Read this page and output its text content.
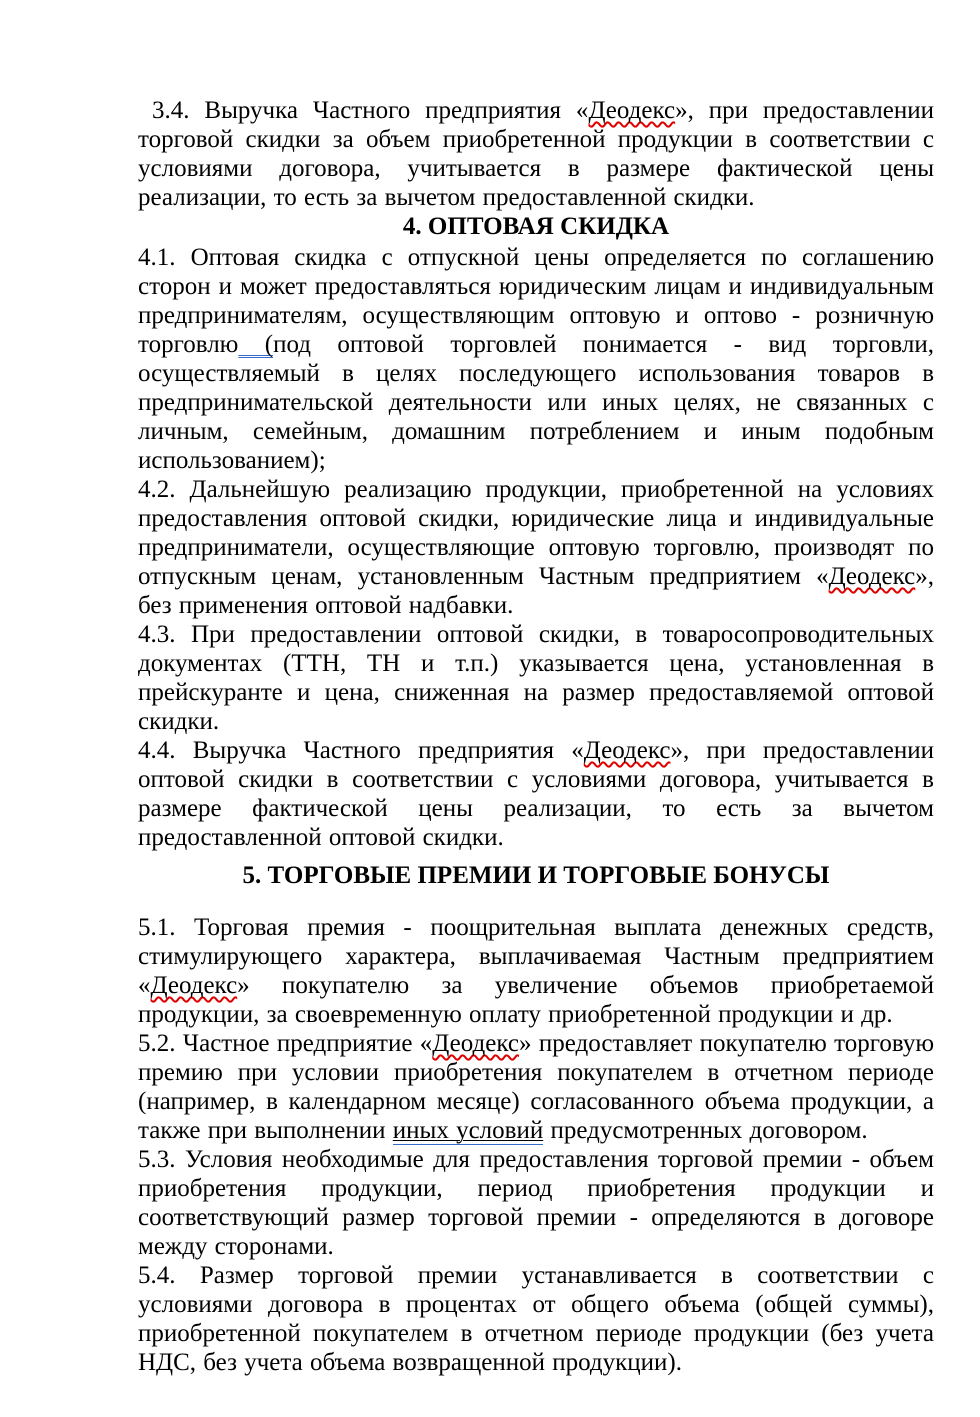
3.4. Выручка Частного предприятия «Деодекс», при предоставлении торговой скидки за объем приобретенной продукции в соответствии с условиями договора, учитывается в размере фактической цены реализации, то есть за вычетом предоставленной скидки.

4. ОПТОВАЯ СКИДКА

4.1. Оптовая скидка с отпускной цены определяется по соглашению сторон и может предоставляться юридическим лицам и индивидуальным предпринимателям, осуществляющим оптовую и оптово - розничную торговлю (под оптовой торговлей понимается - вид торговли, осуществляемый в целях последующего использования товаров в предпринимательской деятельности или иных целях, не связанных с личным, семейным, домашним потреблением и иным подобным использованием);

4.2. Дальнейшую реализацию продукции, приобретенной на условиях предоставления оптовой скидки, юридические лица и индивидуальные предприниматели, осуществляющие оптовую торговлю, производят по отпускным ценам, установленным Частным предприятием «Деодекс», без применения оптовой надбавки.

4.3. При предоставлении оптовой скидки, в товаросопроводительных документах (ТТН, ТН и т.п.) указывается цена, установленная в прейскуранте и цена, сниженная на размер предоставляемой оптовой скидки.

4.4. Выручка Частного предприятия «Деодекс», при предоставлении оптовой скидки в соответствии с условиями договора, учитывается в размере фактической цены реализации, то есть за вычетом предоставленной оптовой скидки.

5. ТОРГОВЫЕ ПРЕМИИ И ТОРГОВЫЕ БОНУСЫ

5.1. Торговая премия - поощрительная выплата денежных средств, стимулирующего характера, выплачиваемая Частным предприятием «Деодекс» покупателю за увеличение объемов приобретаемой продукции, за своевременную оплату приобретенной продукции и др.

5.2. Частное предприятие «Деодекс» предоставляет покупателю торговую премию при условии приобретения покупателем в отчетном периоде (например, в календарном месяце) согласованного объема продукции, а также при выполнении иных условий предусмотренных договором.

5.3. Условия необходимые для предоставления торговой премии - объем приобретения продукции, период приобретения продукции и соответствующий размер торговой премии - определяются в договоре между сторонами.

5.4. Размер торговой премии устанавливается в соответствии с условиями договора в процентах от общего объема (общей суммы), приобретенной покупателем в отчетном периоде продукции (без учета НДС, без учета объема возвращенной продукции).
